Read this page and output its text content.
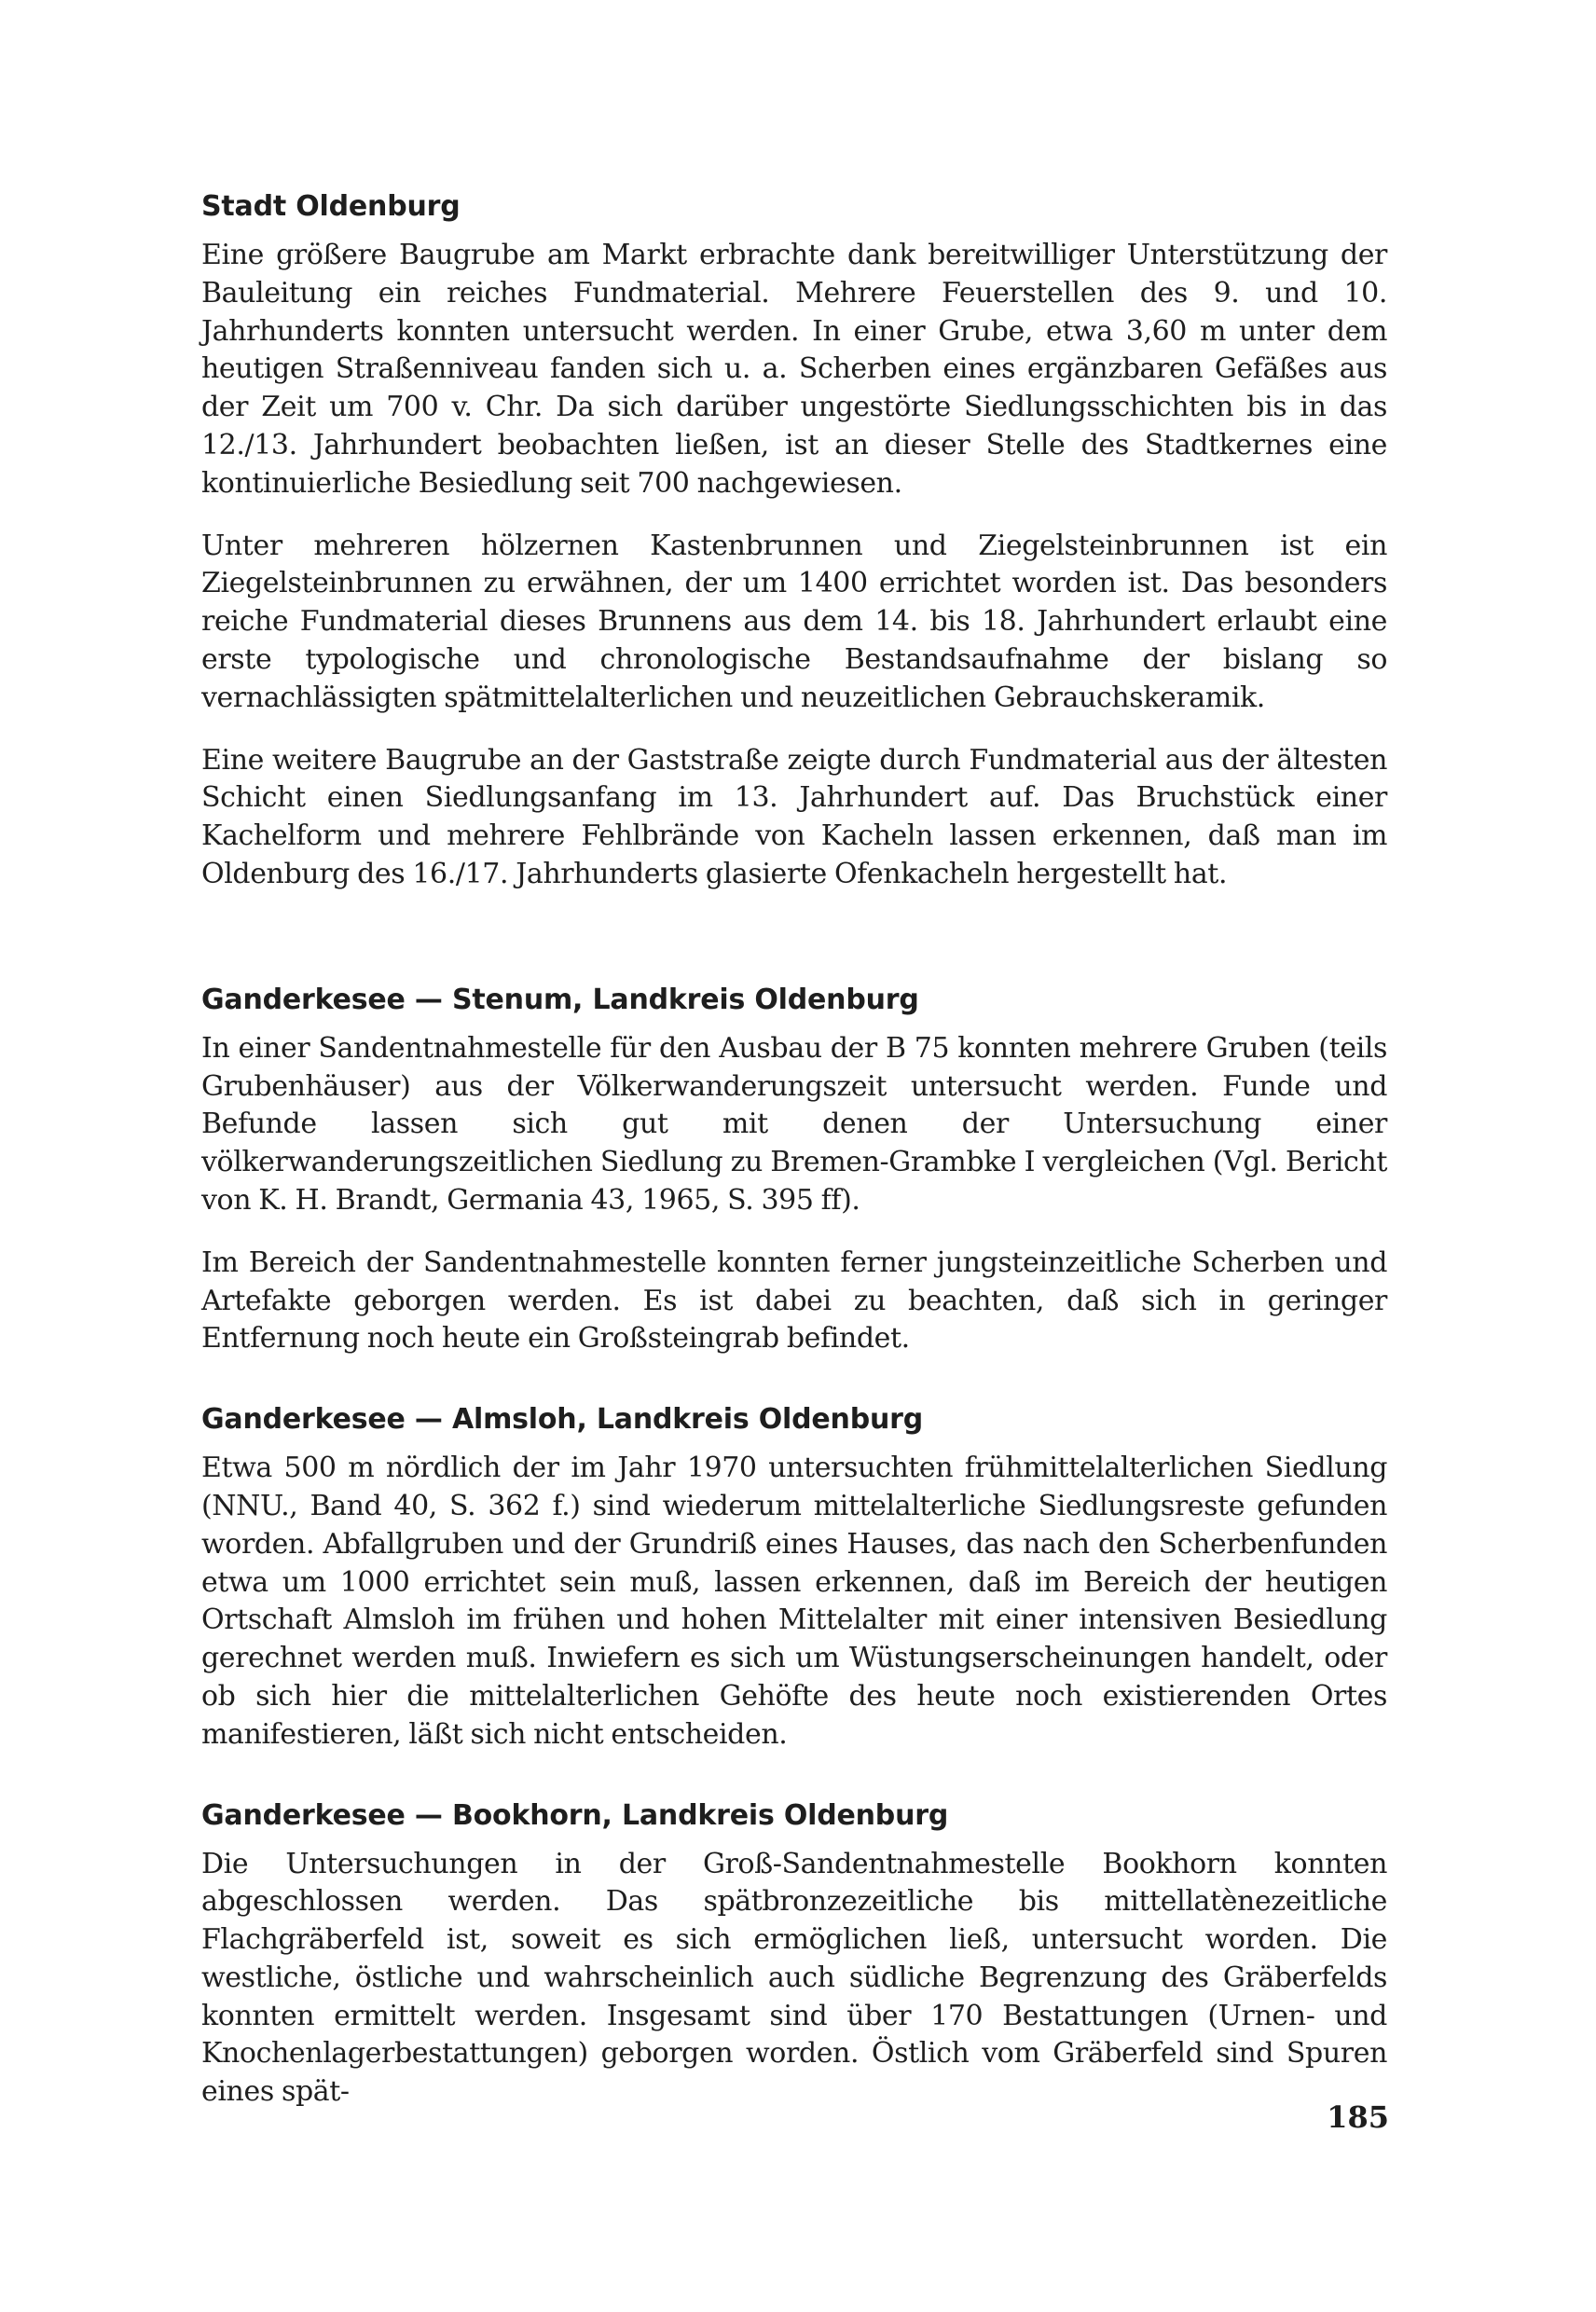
Stadt Oldenburg

Eine größere Baugrube am Markt erbrachte dank bereitwilliger Unterstützung der Bauleitung ein reiches Fundmaterial. Mehrere Feuerstellen des 9. und 10. Jahrhunderts konnten untersucht werden. In einer Grube, etwa 3,60 m unter dem heutigen Straßenniveau fanden sich u. a. Scherben eines ergänzbaren Gefäßes aus der Zeit um 700 v. Chr. Da sich darüber ungestörte Siedlungsschichten bis in das 12./13. Jahrhundert beobachten ließen, ist an dieser Stelle des Stadtkernes eine kontinuierliche Besiedlung seit 700 nachgewiesen.

Unter mehreren hölzernen Kastenbrunnen und Ziegelsteinbrunnen ist ein Ziegelsteinbrunnen zu erwähnen, der um 1400 errichtet worden ist. Das besonders reiche Fundmaterial dieses Brunnens aus dem 14. bis 18. Jahrhundert erlaubt eine erste typologische und chronologische Bestandsaufnahme der bislang so vernachlässigten spätmittelalterlichen und neuzeitlichen Gebrauchskeramik.

Eine weitere Baugrube an der Gaststraße zeigte durch Fundmaterial aus der ältesten Schicht einen Siedlungsanfang im 13. Jahrhundert auf. Das Bruchstück einer Kachelform und mehrere Fehlbrände von Kacheln lassen erkennen, daß man im Oldenburg des 16./17. Jahrhunderts glasierte Ofenkacheln hergestellt hat.

Ganderkesee — Stenum, Landkreis Oldenburg

In einer Sandentnahmestelle für den Ausbau der B 75 konnten mehrere Gruben (teils Grubenhäuser) aus der Völkerwanderungszeit untersucht werden. Funde und Befunde lassen sich gut mit denen der Untersuchung einer völkerwanderungszeitlichen Siedlung zu Bremen-Grambke I vergleichen (Vgl. Bericht von K. H. Brandt, Germania 43, 1965, S. 395 ff).

Im Bereich der Sandentnahmestelle konnten ferner jungsteinzeitliche Scherben und Artefakte geborgen werden. Es ist dabei zu beachten, daß sich in geringer Entfernung noch heute ein Großsteingrab befindet.

Ganderkesee — Almsloh, Landkreis Oldenburg

Etwa 500 m nördlich der im Jahr 1970 untersuchten frühmittelalterlichen Siedlung (NNU., Band 40, S. 362 f.) sind wiederum mittelalterliche Siedlungsreste gefunden worden. Abfallgruben und der Grundriß eines Hauses, das nach den Scherbenfunden etwa um 1000 errichtet sein muß, lassen erkennen, daß im Bereich der heutigen Ortschaft Almsloh im frühen und hohen Mittelalter mit einer intensiven Besiedlung gerechnet werden muß. Inwiefern es sich um Wüstungserscheinungen handelt, oder ob sich hier die mittelalterlichen Gehöfte des heute noch existierenden Ortes manifestieren, läßt sich nicht entscheiden.

Ganderkesee — Bookhorn, Landkreis Oldenburg

Die Untersuchungen in der Groß-Sandentnahmestelle Bookhorn konnten abgeschlossen werden. Das spätbronzezeitliche bis mittellatènezeitliche Flachgräberfeld ist, soweit es sich ermöglichen ließ, untersucht worden. Die westliche, östliche und wahrscheinlich auch südliche Begrenzung des Gräberfelds konnten ermittelt werden. Insgesamt sind über 170 Bestattungen (Urnen- und Knochenlagerbestattungen) geborgen worden. Östlich vom Gräberfeld sind Spuren eines spät-

185
